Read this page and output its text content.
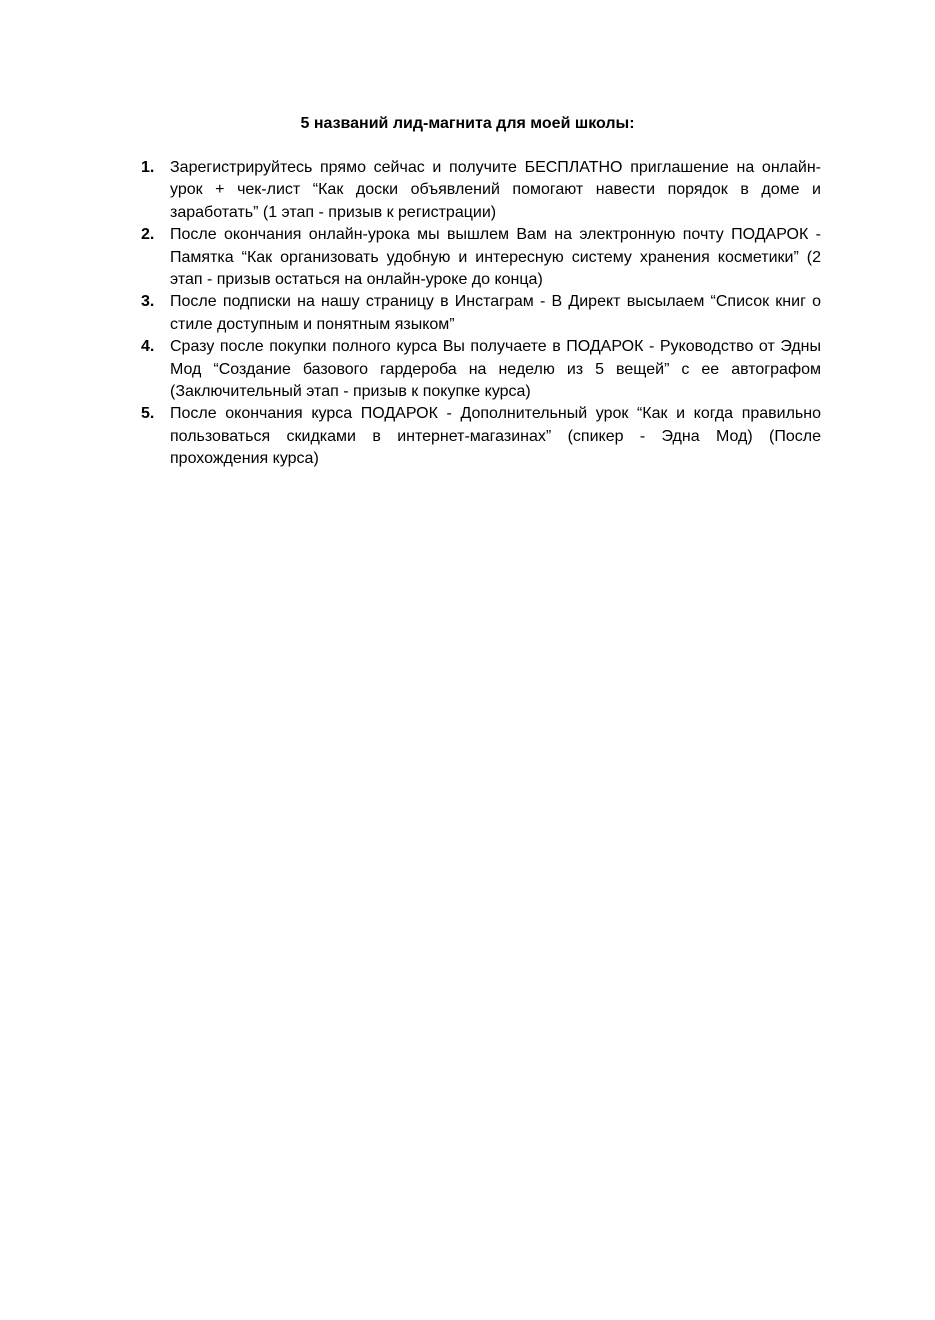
5 названий лид-магнита для моей школы:
1. Зарегистрируйтесь прямо сейчас и получите БЕСПЛАТНО приглашение на онлайн-урок + чек-лист “Как доски объявлений помогают навести порядок в доме и заработать” (1 этап - призыв к регистрации)
2. После окончания онлайн-урока мы вышлем Вам на электронную почту ПОДАРОК - Памятка “Как организовать удобную и интересную систему хранения косметики” (2 этап - призыв остаться на онлайн-уроке до конца)
3. После подписки на нашу страницу в Инстаграм - В Директ высылаем “Список книг о стиле доступным и понятным языком”
4. Сразу после покупки полного курса Вы получаете в ПОДАРОК - Руководство от Эдны Мод “Создание базового гардероба на неделю из 5 вещей” с ее автографом (Заключительный этап - призыв к покупке курса)
5. После окончания курса ПОДАРОК - Дополнительный урок “Как и когда правильно пользоваться скидками в интернет-магазинах” (спикер - Эдна Мод) (После прохождения курса)
